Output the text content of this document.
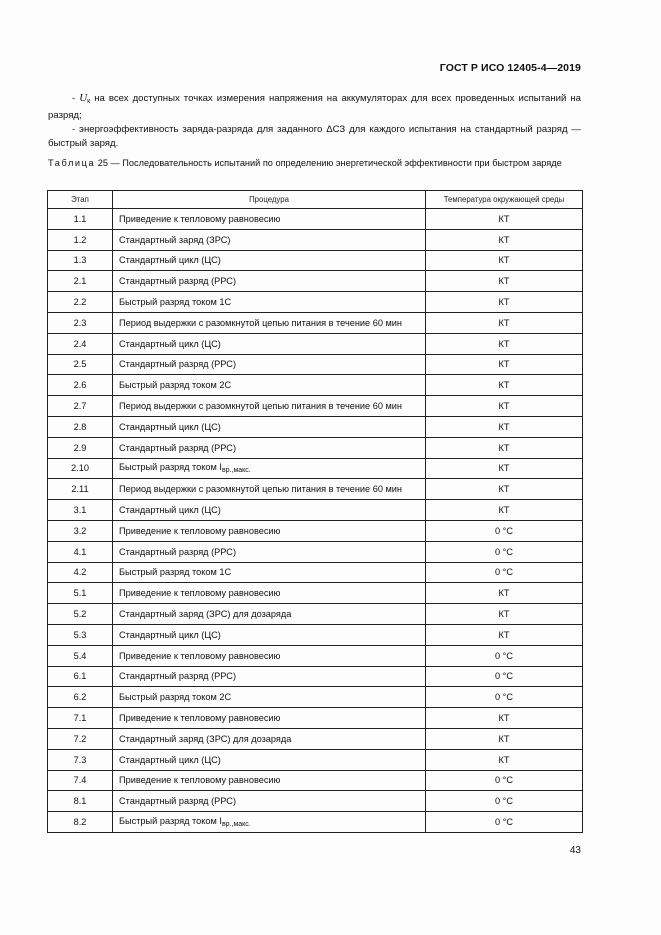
ГОСТ Р ИСО 12405-4—2019

- $U_к$ на всех доступных точках измерения напряжения на аккумуляторах для всех проведенных испытаний на разряд;

- энергоэффективность заряда-разряда для заданного ΔСЗ для каждого испытания на стандартный разряд — быстрый заряд.

Таблица 25 — Последовательность испытаний по определению энергетической эффективности при быстром заряде
Этап	Процедура	Температура окружающей среды
1.1	Приведение к тепловому равновесию	КТ
1.2	Стандартный заряд (ЗРС)	КТ
1.3	Стандартный цикл (ЦС)	КТ
2.1	Стандартный разряд (РРС)	КТ
2.2	Быстрый разряд током 1C	КТ
2.3	Период выдержки с разомкнутой цепью питания в течение 60 мин	КТ
2.4	Стандартный цикл (ЦС)	КТ
2.5	Стандартный разряд (РРС)	КТ
2.6	Быстрый разряд током 2C	КТ
2.7	Период выдержки с разомкнутой цепью питания в течение 60 мин	КТ
2.8	Стандартный цикл (ЦС)	КТ
2.9	Стандартный разряд (РРС)	КТ
2.10	Быстрый разряд током $I_{вр.,макс.}$	КТ
2.11	Период выдержки с разомкнутой цепью питания в течение 60 мин	КТ
3.1	Стандартный цикл (ЦС)	КТ
3.2	Приведение к тепловому равновесию	0 °С
4.1	Стандартный разряд (РРС)	0 °С
4.2	Быстрый разряд током 1C	0 °С
5.1	Приведение к тепловому равновесию	КТ
5.2	Стандартный заряд (ЗРС) для дозаряда	КТ
5.3	Стандартный цикл (ЦС)	КТ
5.4	Приведение к тепловому равновесию	0 °С
6.1	Стандартный разряд (РРС)	0 °С
6.2	Быстрый разряд током 2C	0 °С
7.1	Приведение к тепловому равновесию	КТ
7.2	Стандартный заряд (ЗРС) для дозаряда	КТ
7.3	Стандартный цикл (ЦС)	КТ
7.4	Приведение к тепловому равновесию	0 °С
8.1	Стандартный разряд (РРС)	0 °С
8.2	Быстрый разряд током $I_{вр.,макс.}$	0 °С
43
